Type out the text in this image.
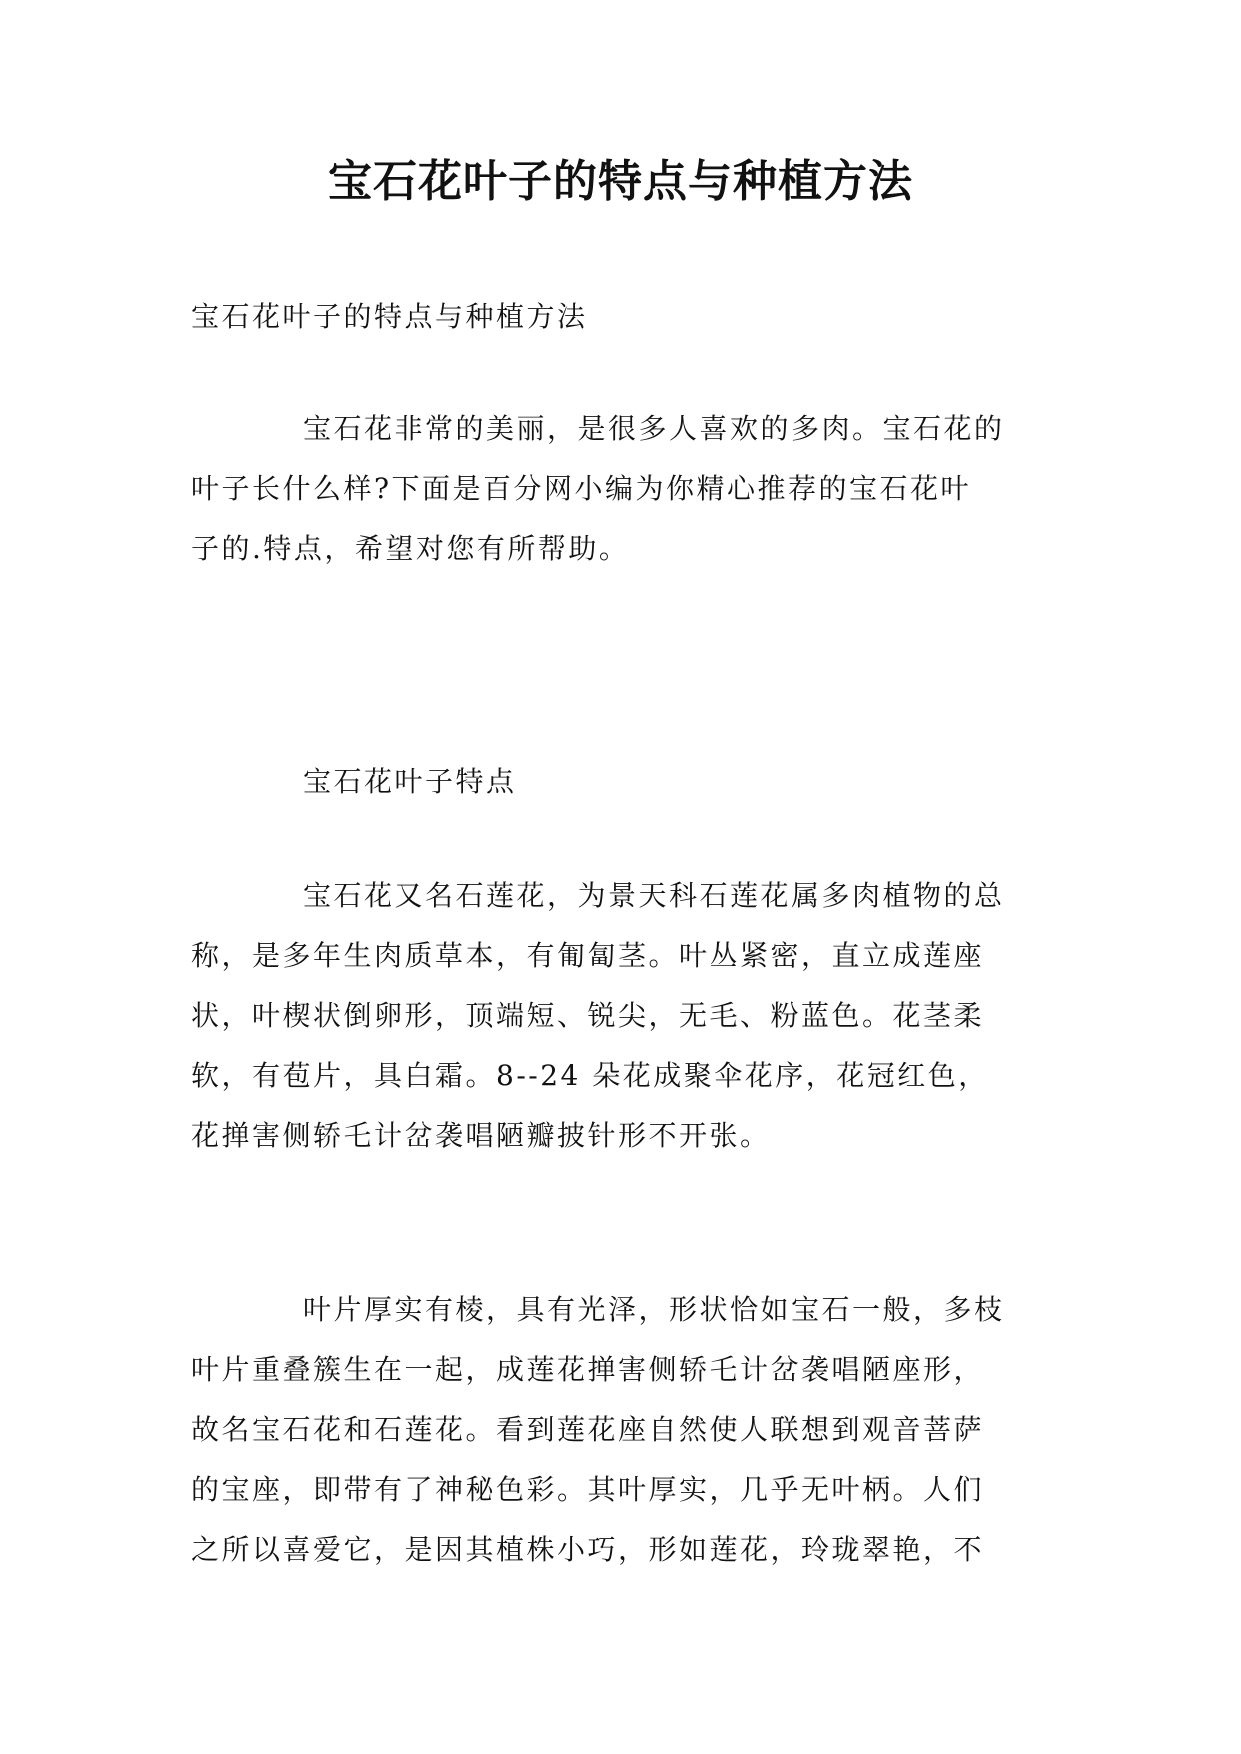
宝石花叶子的特点与种植方法

宝石花叶子的特点与种植方法

宝石花非常的美丽，是很多人喜欢的多肉。宝石花的

叶子长什么样?下面是百分网小编为你精心推荐的宝石花叶

子的.特点，希望对您有所帮助。

宝石花叶子特点

宝石花又名石莲花，为景天科石莲花属多肉植物的总

称，是多年生肉质草本，有匍匐茎。叶丛紧密，直立成莲座

状，叶楔状倒卵形，顶端短、锐尖，无毛、粉蓝色。花茎柔

软，有苞片，具白霜。8--24 朵花成聚伞花序，花冠红色，

花掸害侧轿乇计岔袭唱陋瓣披针形不开张。

叶片厚实有棱，具有光泽，形状恰如宝石一般，多枝

叶片重叠簇生在一起，成莲花掸害侧轿乇计岔袭唱陋座形，

故名宝石花和石莲花。看到莲花座自然使人联想到观音菩萨

的宝座，即带有了神秘色彩。其叶厚实，几乎无叶柄。人们

之所以喜爱它，是因其植株小巧，形如莲花，玲珑翠艳，不
